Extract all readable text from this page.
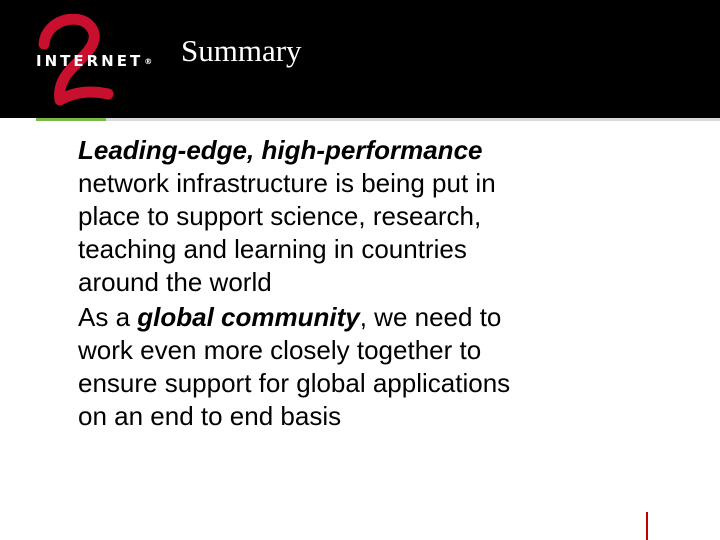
INTERNET® Summary
Leading-edge, high-performance
network infrastructure is being put in
place to support science, research,
teaching and learning in countries
around the world
As a global community, we need to
work even more closely together to
ensure support for global applications
on an end to end basis
